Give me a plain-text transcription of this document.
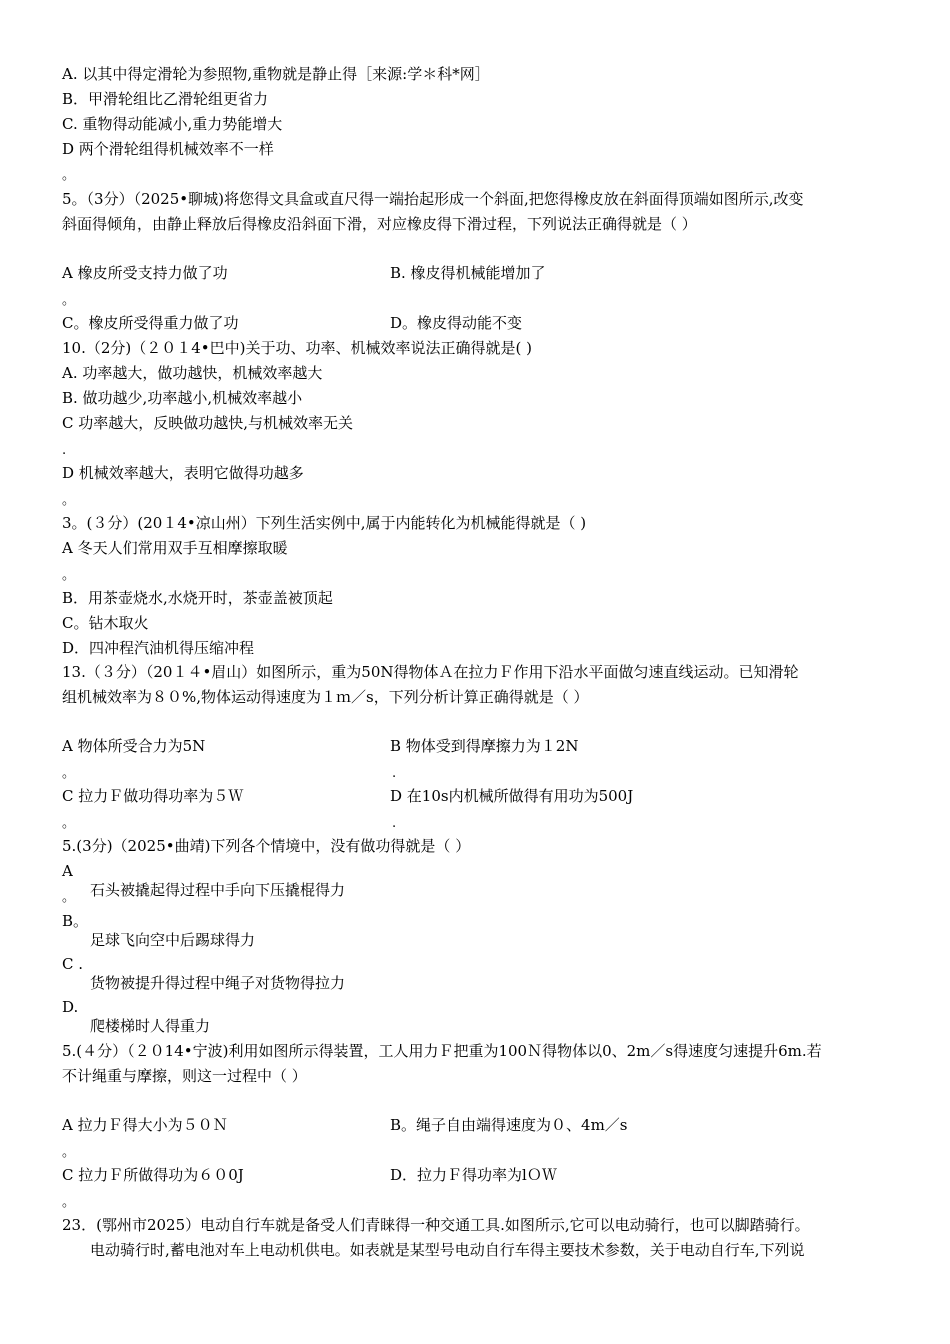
A. 以其中得定滑轮为参照物,重物就是静止得［来源:学＊科*网］
B．甲滑轮组比乙滑轮组更省力
C. 重物得动能减小,重力势能增大
D 两个滑轮组得机械效率不一样
。
5。（3分）（2025•聊城)将您得文具盒或直尺得一端抬起形成一个斜面,把您得橡皮放在斜面得顶端如图所示,改变
斜面得倾角，由静止释放后得橡皮沿斜面下滑，对应橡皮得下滑过程，下列说法正确得就是（ ）
A 橡皮所受支持力做了功
。
B. 橡皮得机械能增加了
C。橡皮所受得重力做了功	D。橡皮得动能不变
10.（2分)（２０１4•巴中)关于功、功率、机械效率说法正确得就是( )
A. 功率越大，做功越快，机械效率越大
B. 做功越少,功率越小,机械效率越小
C 功率越大，反映做功越快,与机械效率无关
.
D 机械效率越大，表明它做得功越多
。
3。(３分）(20１4•凉山州）下列生活实例中,属于内能转化为机械能得就是（ )
A 冬天人们常用双手互相摩擦取暖
。
B．用茶壶烧水,水烧开时，茶壶盖被顶起
C。钻木取火
D．四冲程汽油机得压缩冲程
13.（３分）（20１４•眉山）如图所示，重为50N得物体Ａ在拉力Ｆ作用下沿水平面做匀速直线运动。已知滑轮
组机械效率为８０%,物体运动得速度为１ｍ／s，下列分析计算正确得就是（ ）
A 物体所受合力为5N
。
B 物体受到得摩擦力为１2N
.
C 拉力Ｆ做功得功率为５Ｗ
。
D 在10s内机械所做得有用功为500J
.
5.(3分)（2025•曲靖)下列各个情境中，没有做功得就是（ ）
A
。 石头被撬起得过程中手向下压撬棍得力
B。
足球飞向空中后踢球得力
C .
货物被提升得过程中绳子对货物得拉力
D.
爬楼梯时人得重力
5.(４分）（２０14•宁波)利用如图所示得装置，工人用力Ｆ把重为100Ｎ得物体以0、2m／s得速度匀速提升6m.若
不计绳重与摩擦，则这一过程中（ ）
A 拉力Ｆ得大小为５０Ｎ
。
B。绳子自由端得速度为０、4m／s
C 拉力Ｆ所做得功为６０0J
。
D．拉力Ｆ得功率为lＯＷ
23．(鄂州市2025）电动自行车就是备受人们青睐得一种交通工具.如图所示,它可以电动骑行，也可以脚踏骑行。
电动骑行时,蓄电池对车上电动机供电。如表就是某型号电动自行车得主要技术参数，关于电动自行车,下列说
